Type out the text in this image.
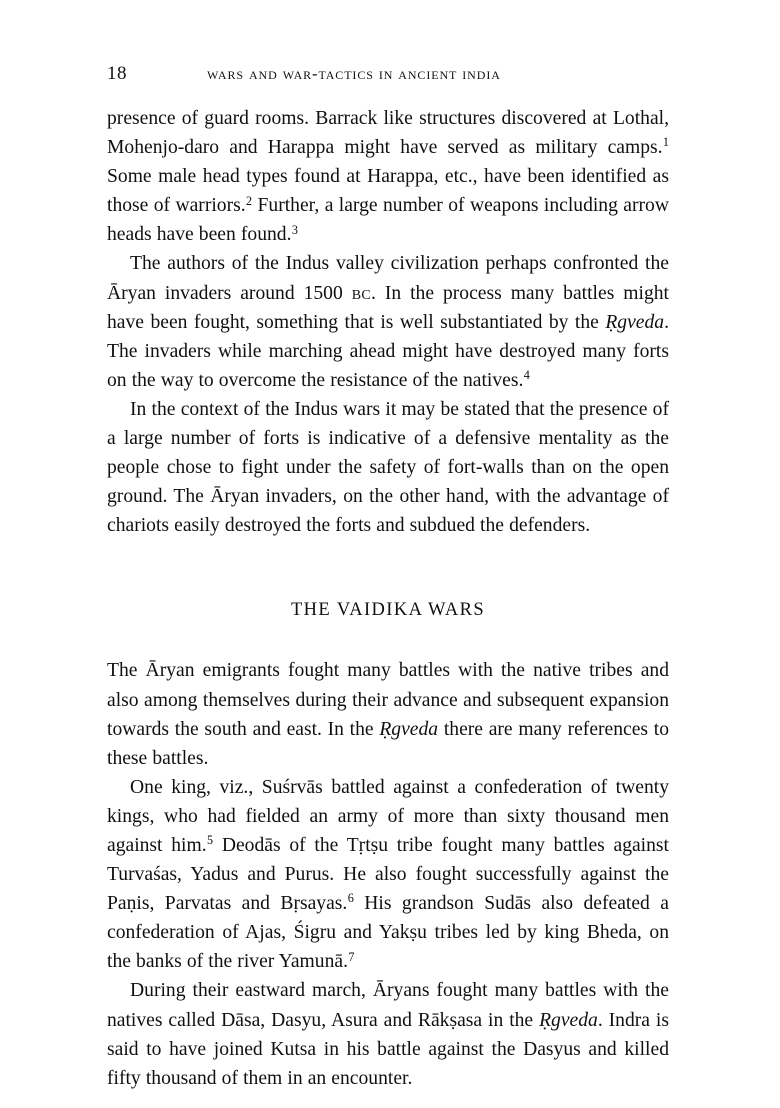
18	wars and war-tactics in ancient india

presence of guard rooms. Barrack like structures discovered at Lothal, Mohenjo-daro and Harappa might have served as military camps.$^1$ Some male head types found at Harappa, etc., have been identified as those of warriors.$^2$ Further, a large number of weapons including arrow heads have been found.$^3$

The authors of the Indus valley civilization perhaps confronted the Āryan invaders around 1500 bc. In the process many battles might have been fought, something that is well substantiated by the Ṛgveda. The invaders while marching ahead might have destroyed many forts on the way to overcome the resistance of the natives.$^4$

In the context of the Indus wars it may be stated that the presence of a large number of forts is indicative of a defensive mentality as the people chose to fight under the safety of fort-walls than on the open ground. The Āryan invaders, on the other hand, with the advantage of chariots easily destroyed the forts and subdued the defenders.

THE VAIDIKA WARS

The Āryan emigrants fought many battles with the native tribes and also among themselves during their advance and subsequent expansion towards the south and east. In the Ṛgveda there are many references to these battles.

One king, viz., Suśrvās battled against a confederation of twenty kings, who had fielded an army of more than sixty thousand men against him.$^5$ Deodās of the Tṛtṣu tribe fought many battles against Turvaśas, Yadus and Purus. He also fought successfully against the Paṇis, Parvatas and Bṛsayas.$^6$ His grandson Sudās also defeated a confederation of Ajas, Śigru and Yakṣu tribes led by king Bheda, on the banks of the river Yamunā.$^7$

During their eastward march, Āryans fought many battles with the natives called Dāsa, Dasyu, Asura and Rākṣasa in the Ṛgveda. Indra is said to have joined Kutsa in his battle against the Dasyus and killed fifty thousand of them in an encounter.
